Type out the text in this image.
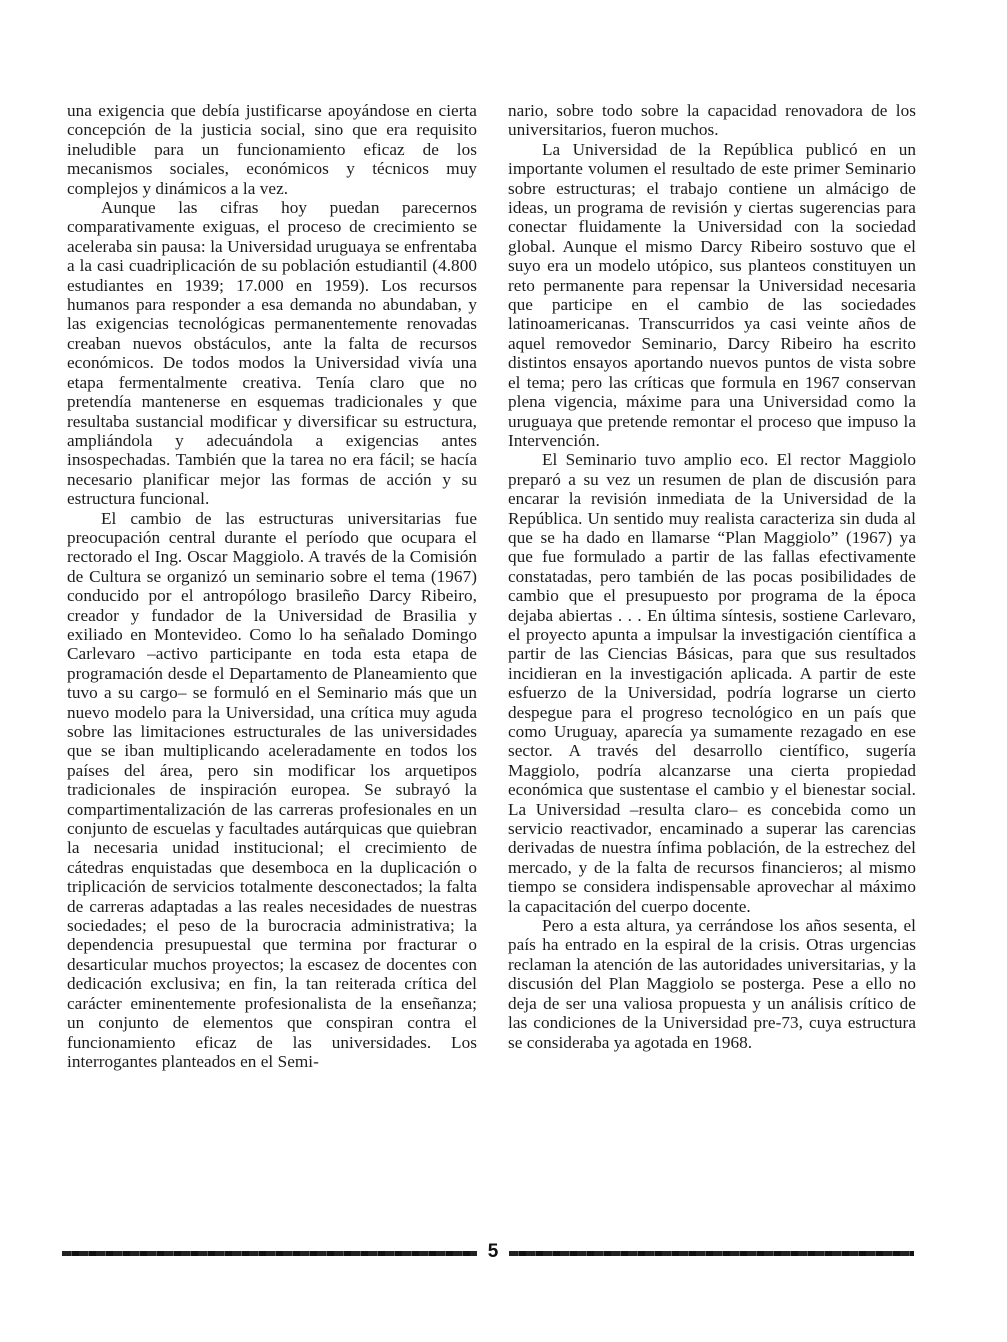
una exigencia que debía justificarse apoyándose en cierta concepción de la justicia social, sino que era requisito ineludible para un funcionamiento eficaz de los mecanismos sociales, económicos y técnicos muy complejos y dinámicos a la vez.

Aunque las cifras hoy puedan parecernos comparativamente exiguas, el proceso de crecimiento se aceleraba sin pausa: la Universidad uruguaya se enfrentaba a la casi cuadriplicación de su población estudiantil (4.800 estudiantes en 1939; 17.000 en 1959). Los recursos humanos para responder a esa demanda no abundaban, y las exigencias tecnológicas permanentemente renovadas creaban nuevos obstáculos, ante la falta de recursos económicos. De todos modos la Universidad vivía una etapa fermentalmente creativa. Tenía claro que no pretendía mantenerse en esquemas tradicionales y que resultaba sustancial modificar y diversificar su estructura, ampliándola y adecuándola a exigencias antes insospechadas. También que la tarea no era fácil; se hacía necesario planificar mejor las formas de acción y su estructura funcional.

El cambio de las estructuras universitarias fue preocupación central durante el período que ocupara el rectorado el Ing. Oscar Maggiolo. A través de la Comisión de Cultura se organizó un seminario sobre el tema (1967) conducido por el antropólogo brasileño Darcy Ribeiro, creador y fundador de la Universidad de Brasilia y exiliado en Montevideo. Como lo ha señalado Domingo Carlevaro –activo participante en toda esta etapa de programación desde el Departamento de Planeamiento que tuvo a su cargo– se formuló en el Seminario más que un nuevo modelo para la Universidad, una crítica muy aguda sobre las limitaciones estructurales de las universidades que se iban multiplicando aceleradamente en todos los países del área, pero sin modificar los arquetipos tradicionales de inspiración europea. Se subrayó la compartimentalización de las carreras profesionales en un conjunto de escuelas y facultades autárquicas que quiebran la necesaria unidad institucional; el crecimiento de cátedras enquistadas que desemboca en la duplicación o triplicación de servicios totalmente desconectados; la falta de carreras adaptadas a las reales necesidades de nuestras sociedades; el peso de la burocracia administrativa; la dependencia presupuestal que termina por fracturar o desarticular muchos proyectos; la escasez de docentes con dedicación exclusiva; en fin, la tan reiterada crítica del carácter eminentemente profesionalista de la enseñanza; un conjunto de elementos que conspiran contra el funcionamiento eficaz de las universidades. Los interrogantes planteados en el Semi-

nario, sobre todo sobre la capacidad renovadora de los universitarios, fueron muchos.

La Universidad de la República publicó en un importante volumen el resultado de este primer Seminario sobre estructuras; el trabajo contiene un almácigo de ideas, un programa de revisión y ciertas sugerencias para conectar fluidamente la Universidad con la sociedad global. Aunque el mismo Darcy Ribeiro sostuvo que el suyo era un modelo utópico, sus planteos constituyen un reto permanente para repensar la Universidad necesaria que participe en el cambio de las sociedades latinoamericanas. Transcurridos ya casi veinte años de aquel removedor Seminario, Darcy Ribeiro ha escrito distintos ensayos aportando nuevos puntos de vista sobre el tema; pero las críticas que formula en 1967 conservan plena vigencia, máxime para una Universidad como la uruguaya que pretende remontar el proceso que impuso la Intervención.

El Seminario tuvo amplio eco. El rector Maggiolo preparó a su vez un resumen de plan de discusión para encarar la revisión inmediata de la Universidad de la República. Un sentido muy realista caracteriza sin duda al que se ha dado en llamarse “Plan Maggiolo” (1967) ya que fue formulado a partir de las fallas efectivamente constatadas, pero también de las pocas posibilidades de cambio que el presupuesto por programa de la época dejaba abiertas . . . En última síntesis, sostiene Carlevaro, el proyecto apunta a impulsar la investigación científica a partir de las Ciencias Básicas, para que sus resultados incidieran en la investigación aplicada. A partir de este esfuerzo de la Universidad, podría lograrse un cierto despegue para el progreso tecnológico en un país que como Uruguay, aparecía ya sumamente rezagado en ese sector. A través del desarrollo científico, sugería Maggiolo, podría alcanzarse una cierta propiedad económica que sustentase el cambio y el bienestar social. La Universidad –resulta claro– es concebida como un servicio reactivador, encaminado a superar las carencias derivadas de nuestra ínfima población, de la estrechez del mercado, y de la falta de recursos financieros; al mismo tiempo se considera indispensable aprovechar al máximo la capacitación del cuerpo docente.

Pero a esta altura, ya cerrándose los años sesenta, el país ha entrado en la espiral de la crisis. Otras urgencias reclaman la atención de las autoridades universitarias, y la discusión del Plan Maggiolo se posterga. Pese a ello no deja de ser una valiosa propuesta y un análisis crítico de las condiciones de la Universidad pre-73, cuya estructura se consideraba ya agotada en 1968.

5
